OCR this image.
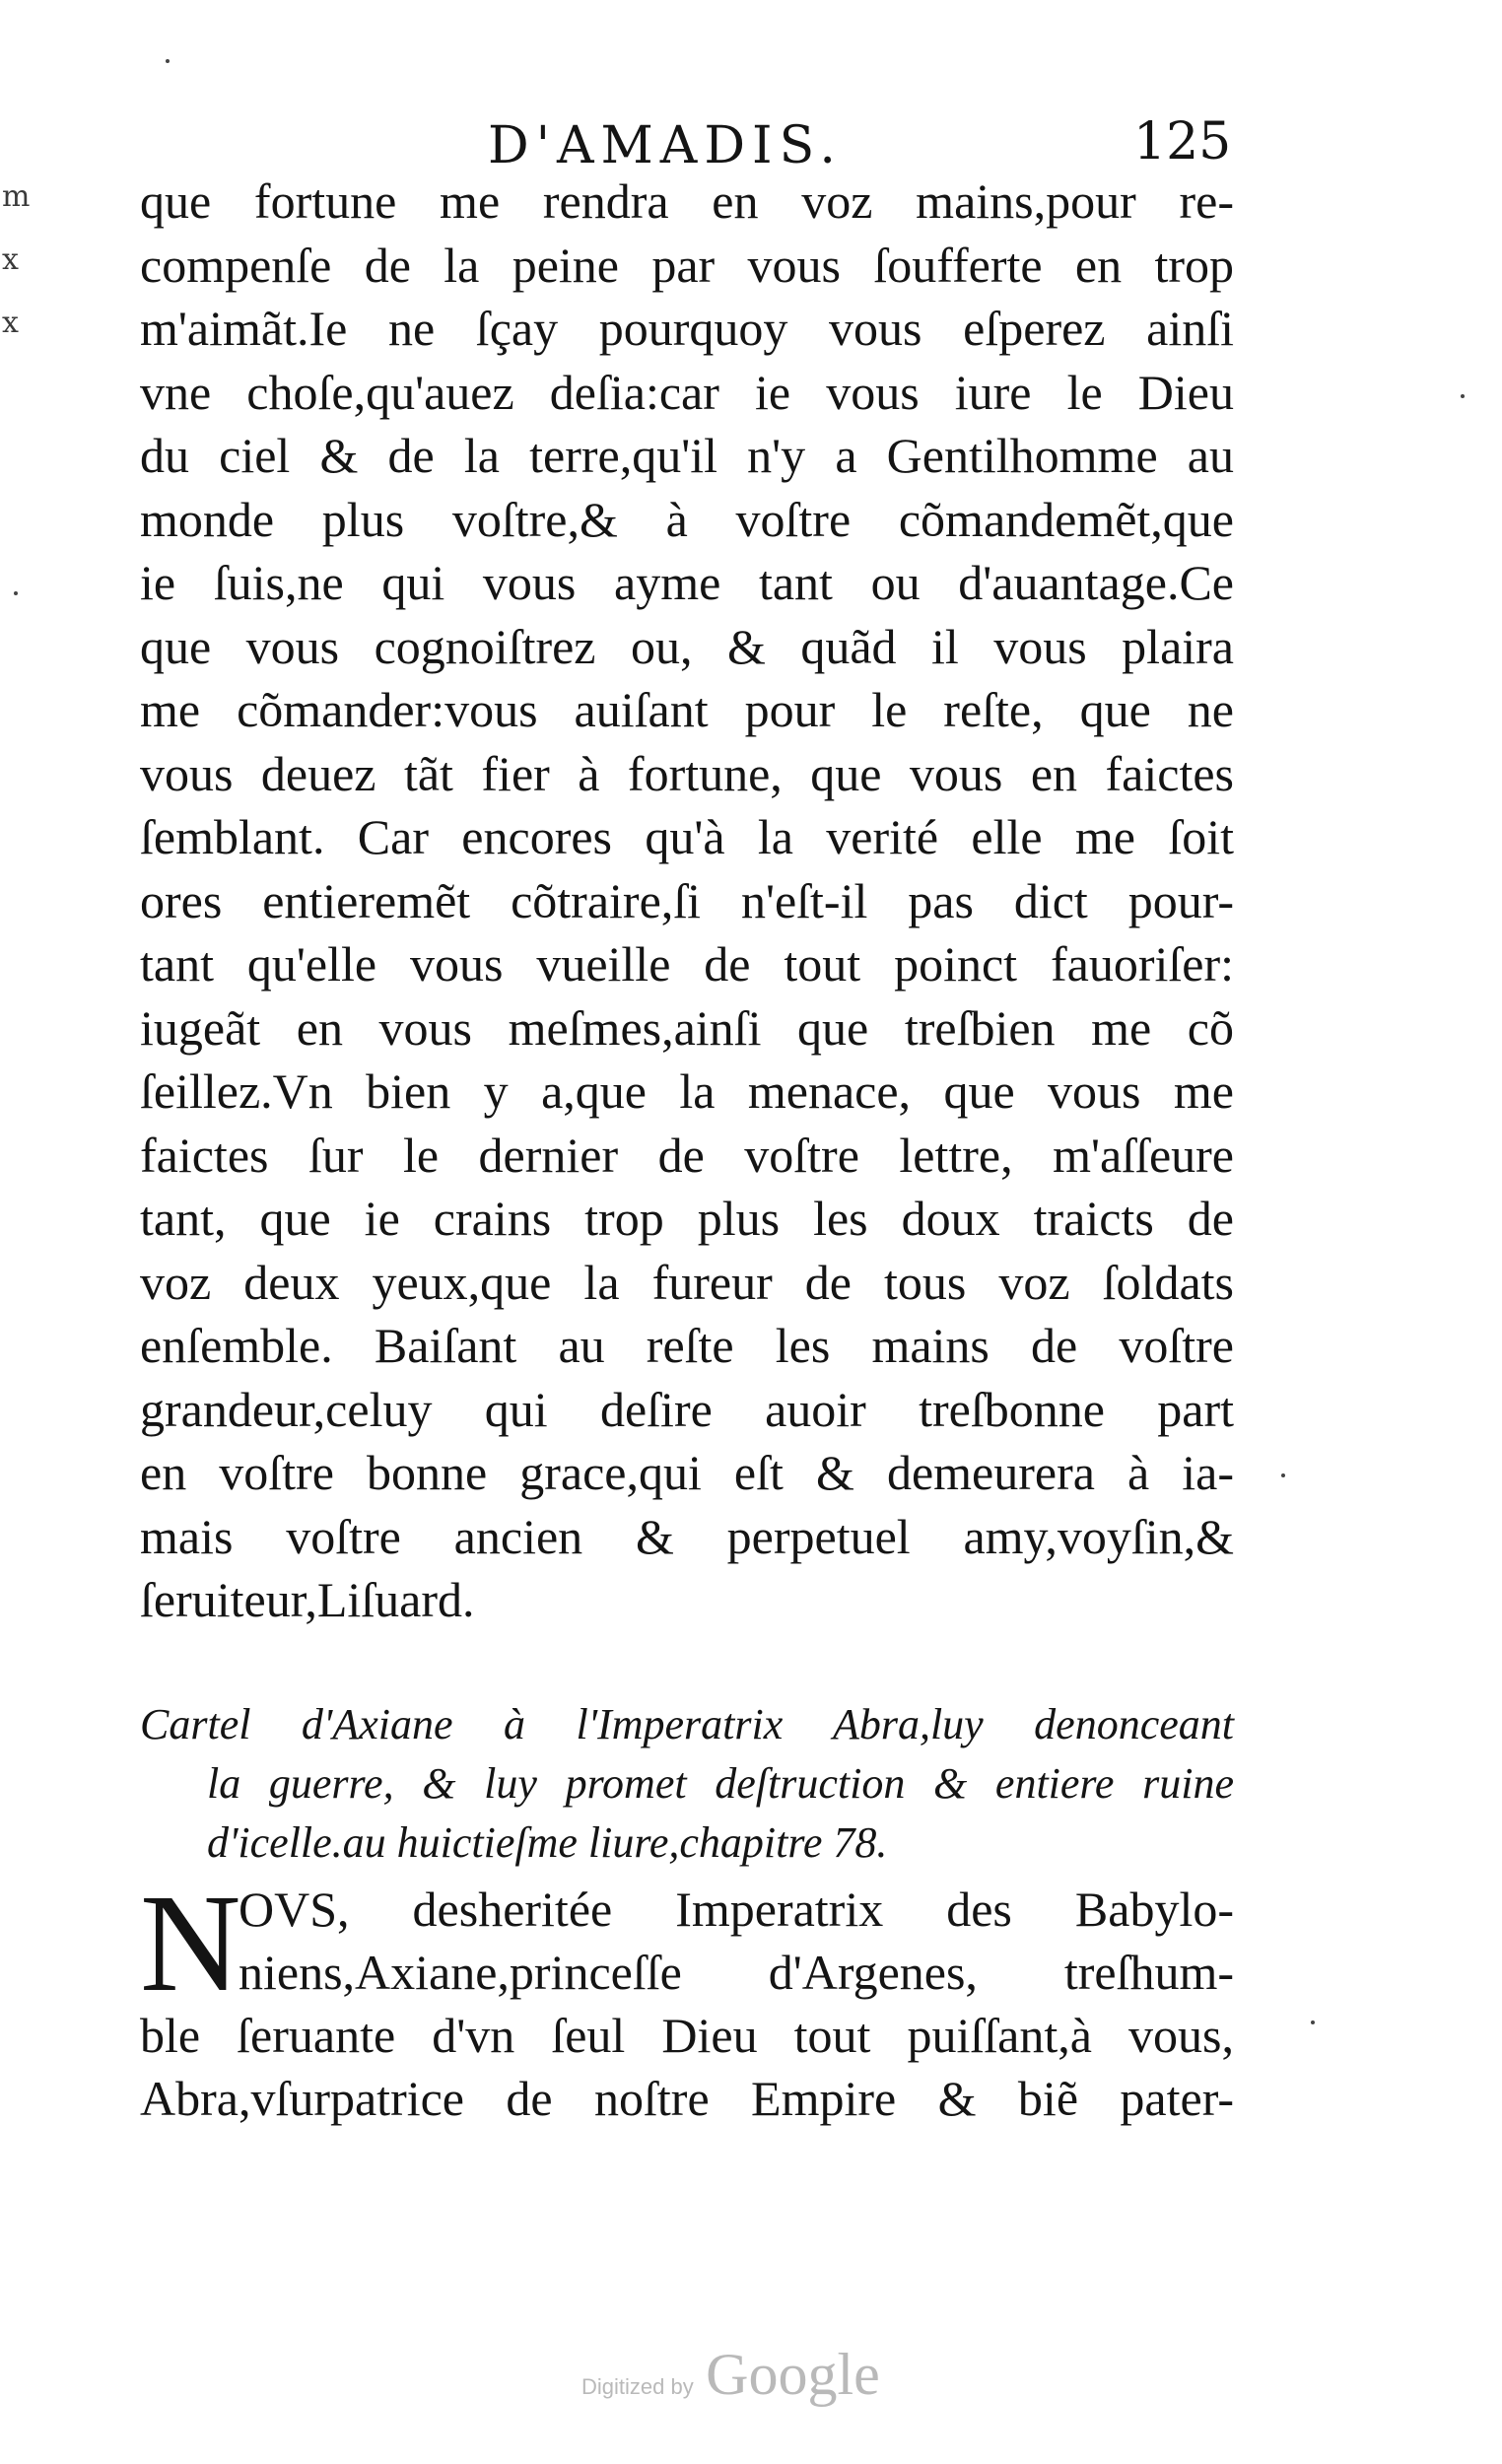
D'AMADIS.	125
m
x
x
que fortune me rendra en voz mains,pour re-
compenſe de la peine par vous ſoufferte en trop
m'aimãt.Ie ne ſçay pourquoy vous eſperez ainſi
vne choſe,qu'auez deſia:car ie vous iure le Dieu
du ciel & de la terre,qu'il n'y a Gentilhomme au
monde plus voſtre,& à voſtre cõmandemẽt,que
ie ſuis,ne qui vous ayme tant ou d'auantage.Ce
que vous cognoiſtrez ou, & quãd il vous plaira
me cõmander:vous auiſant pour le reſte, que ne
vous deuez tãt fier à fortune, que vous en faictes
ſemblant. Car encores qu'à la verité elle me ſoit
ores entieremẽt cõtraire,ſi n'eſt-il pas dict pour-
tant qu'elle vous vueille de tout poinct fauoriſer:
iugeãt en vous meſmes,ainſi que treſbien me cõ
ſeillez.Vn bien y a,que la menace, que vous me
faictes ſur le dernier de voſtre lettre, m'aſſeure
tant, que ie crains trop plus les doux traicts de
voz deux yeux,que la fureur de tous voz ſoldats
enſemble. Baiſant au reſte les mains de voſtre
grandeur,celuy qui deſire auoir treſbonne part
en voſtre bonne grace,qui eſt & demeurera à ia-
mais voſtre ancien & perpetuel amy,voyſin,&
ſeruiteur,Liſuard.
Cartel d'Axiane à l'Imperatrix Abra,luy denonceant
la guerre, & luy promet deſtruction & entiere ruine
d'icelle.au huictieſme liure,chapitre 78.
N
OVS, desheritée Imperatrix des Babylo-
niens,Axiane,princeſſe d'Argenes, treſhum-
ble ſeruante d'vn ſeul Dieu tout puiſſant,à vous,
Abra,vſurpatrice de noſtre Empire & biẽ pater-
Digitized by Google
